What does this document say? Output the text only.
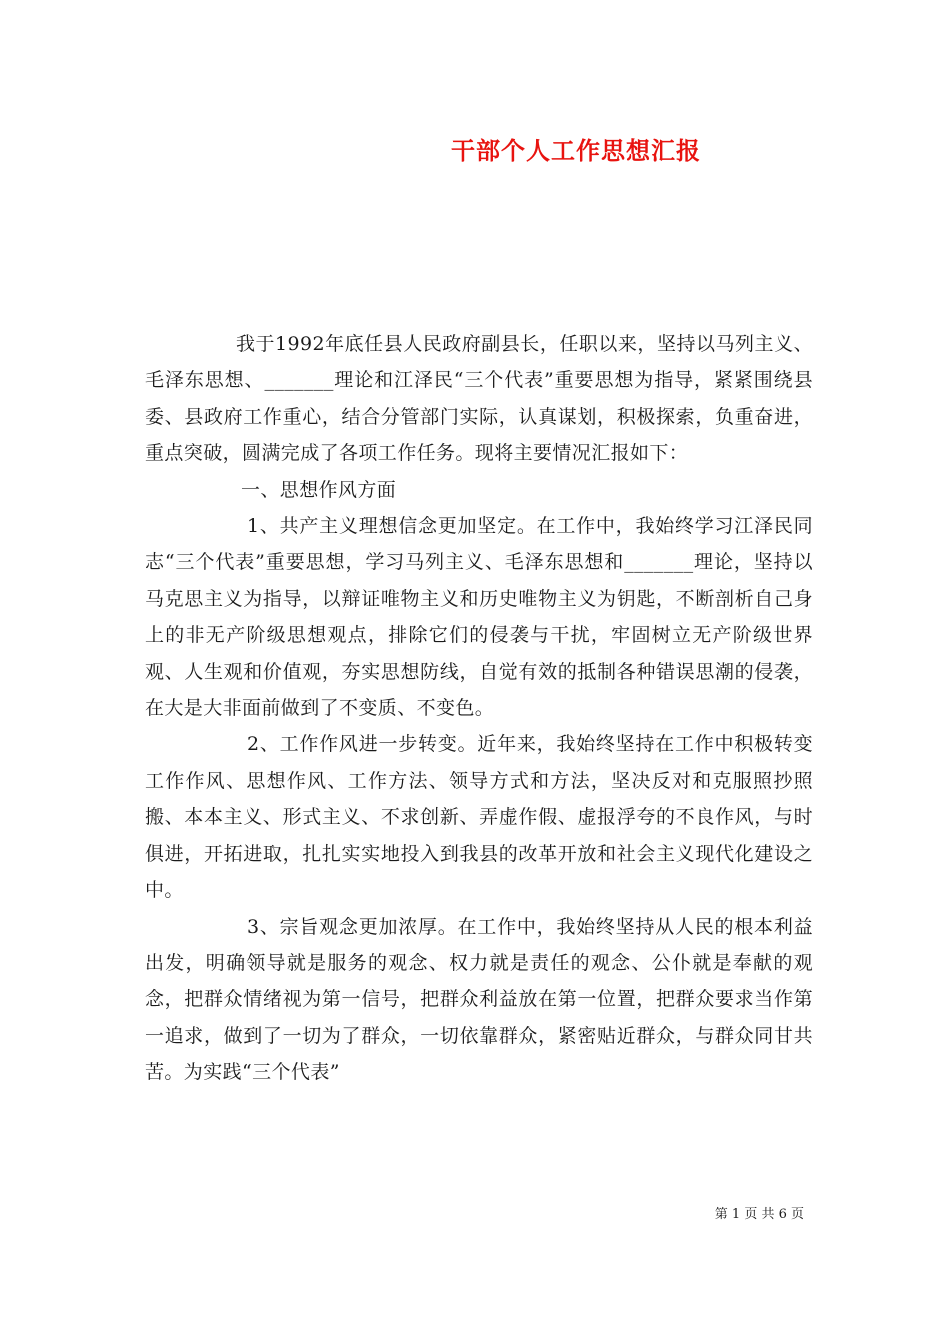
干部个人工作思想汇报

我于1992年底任县人民政府副县长，任职以来，坚持以马列主义、毛泽东思想、_______理论和江泽民“三个代表”重要思想为指导，紧紧围绕县委、县政府工作重心，结合分管部门实际，认真谋划，积极探索，负重奋进，重点突破，圆满完成了各项工作任务。现将主要情况汇报如下：

一、思想作风方面

1、共产主义理想信念更加坚定。在工作中，我始终学习江泽民同志“三个代表”重要思想，学习马列主义、毛泽东思想和_______理论，坚持以马克思主义为指导，以辩证唯物主义和历史唯物主义为钥匙，不断剖析自己身上的非无产阶级思想观点，排除它们的侵袭与干扰，牢固树立无产阶级世界观、人生观和价值观，夯实思想防线，自觉有效的抵制各种错误思潮的侵袭，在大是大非面前做到了不变质、不变色。

2、工作作风进一步转变。近年来，我始终坚持在工作中积极转变工作作风、思想作风、工作方法、领导方式和方法，坚决反对和克服照抄照搬、本本主义、形式主义、不求创新、弄虚作假、虚报浮夸的不良作风，与时俱进，开拓进取，扎扎实实地投入到我县的改革开放和社会主义现代化建设之中。

3、宗旨观念更加浓厚。在工作中，我始终坚持从人民的根本利益出发，明确领导就是服务的观念、权力就是责任的观念、公仆就是奉献的观念，把群众情绪视为第一信号，把群众利益放在第一位置，把群众要求当作第一追求，做到了一切为了群众，一切依靠群众，紧密贴近群众，与群众同甘共苦。为实践“三个代表”

第 1 页 共 6 页
